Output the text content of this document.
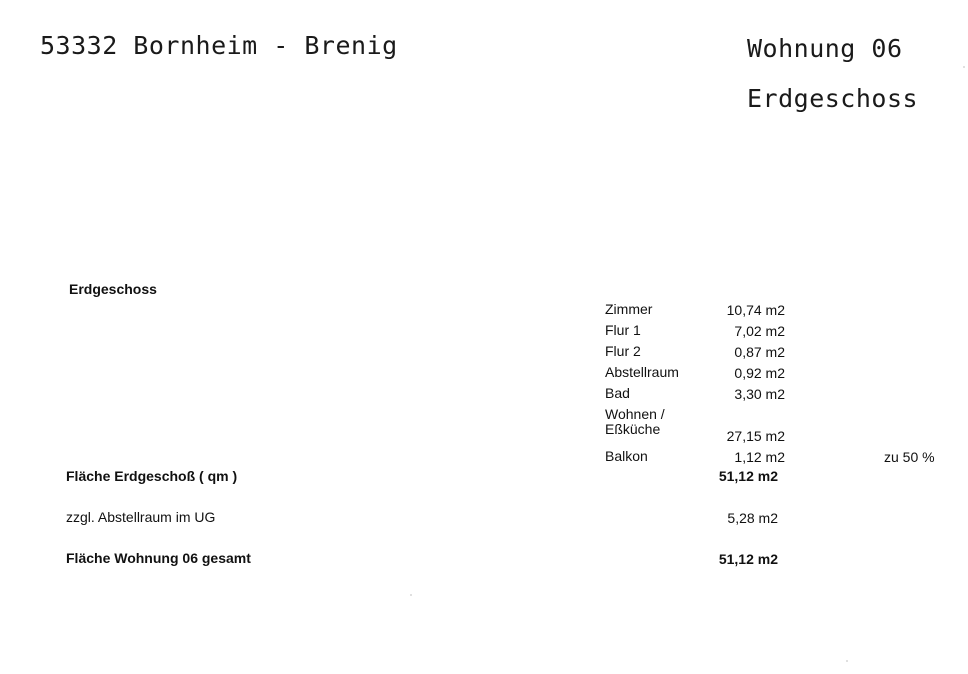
53332 Bornheim - Brenig	Wohnung 06
Erdgeschoss
Erdgeschoss
Zimmer	10,74 m2
Flur 1	7,02 m2
Flur 2	0,87 m2
Abstellraum	0,92 m2
Bad	3,30 m2
Wohnen /
Eßküche	27,15 m2
Balkon	1,12 m2	zu 50 %
Fläche Erdgeschoß ( qm )	51,12 m2
zzgl. Abstellraum im UG	5,28 m2
Fläche Wohnung 06 gesamt	51,12 m2
